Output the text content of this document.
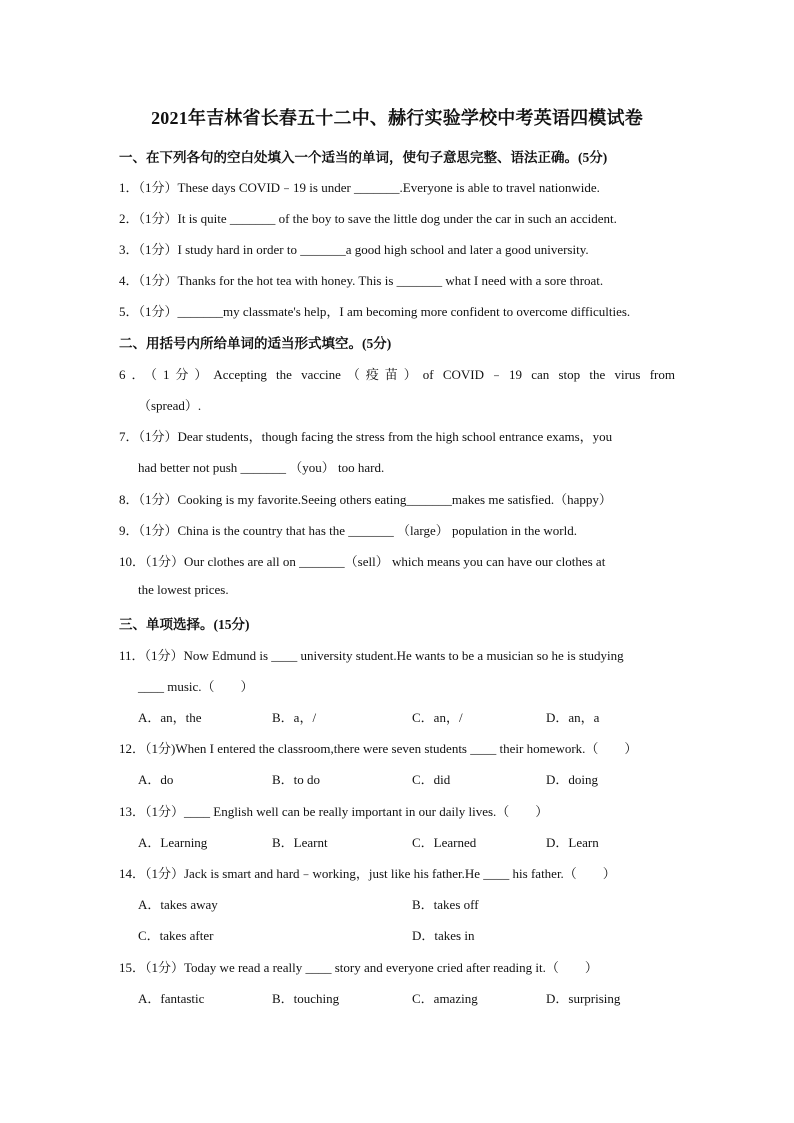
2021年吉林省长春五十二中、赫行实验学校中考英语四模试卷
一、在下列各句的空白处填入一个适当的单词，使句子意思完整、语法正确。(5分)
1．（1分）These days COVID﹣19 is under _______.Everyone is able to travel nationwide.
2．（1分）It is quite _______ of the boy to save the little dog under the car in such an accident.
3．（1分）I study hard in order to _______a good high school and later a good university.
4．（1分）Thanks for the hot tea with honey. This is _______ what I need with a sore throat.
5．（1分）_______my classmate's help，I am becoming more confident to overcome difficulties.
二、用括号内所给单词的适当形式填空。(5分)
6．（1分）Accepting the vaccine（疫苗）of COVID﹣19 can stop the virus from
（spread）.
7．（1分）Dear students，though facing the stress from the high school entrance exams，you
had better not push _______ （you） too hard.
8．（1分）Cooking is my favorite.Seeing others eating_______makes me satisfied.（happy）
9．（1分）China is the country that has the _______ （large） population in the world.
10．（1分）Our clothes are all on _______（sell） which means you can have our clothes at
the lowest prices.
三、单项选择。(15分)
11．（1分）Now Edmund is ____ university student.He wants to be a musician so he is studying
____ music.（　　）
A．an，the	B．a，/	C．an，/	D．an，a
12．（1分)When I entered the classroom,there were seven students ____ their homework.（　　）
A．do	B．to do	C．did	D．doing
13．（1分）____ English well can be really important in our daily lives.（　　）
A．Learning	B．Learnt	C．Learned	D．Learn
14．（1分）Jack is smart and hard﹣working，just like his father.He ____ his father.（　　）
A．takes away	B．takes off
C．takes after	D．takes in
15．（1分）Today we read a really ____ story and everyone cried after reading it.（　　）
A．fantastic	B．touching	C．amazing	D．surprising
